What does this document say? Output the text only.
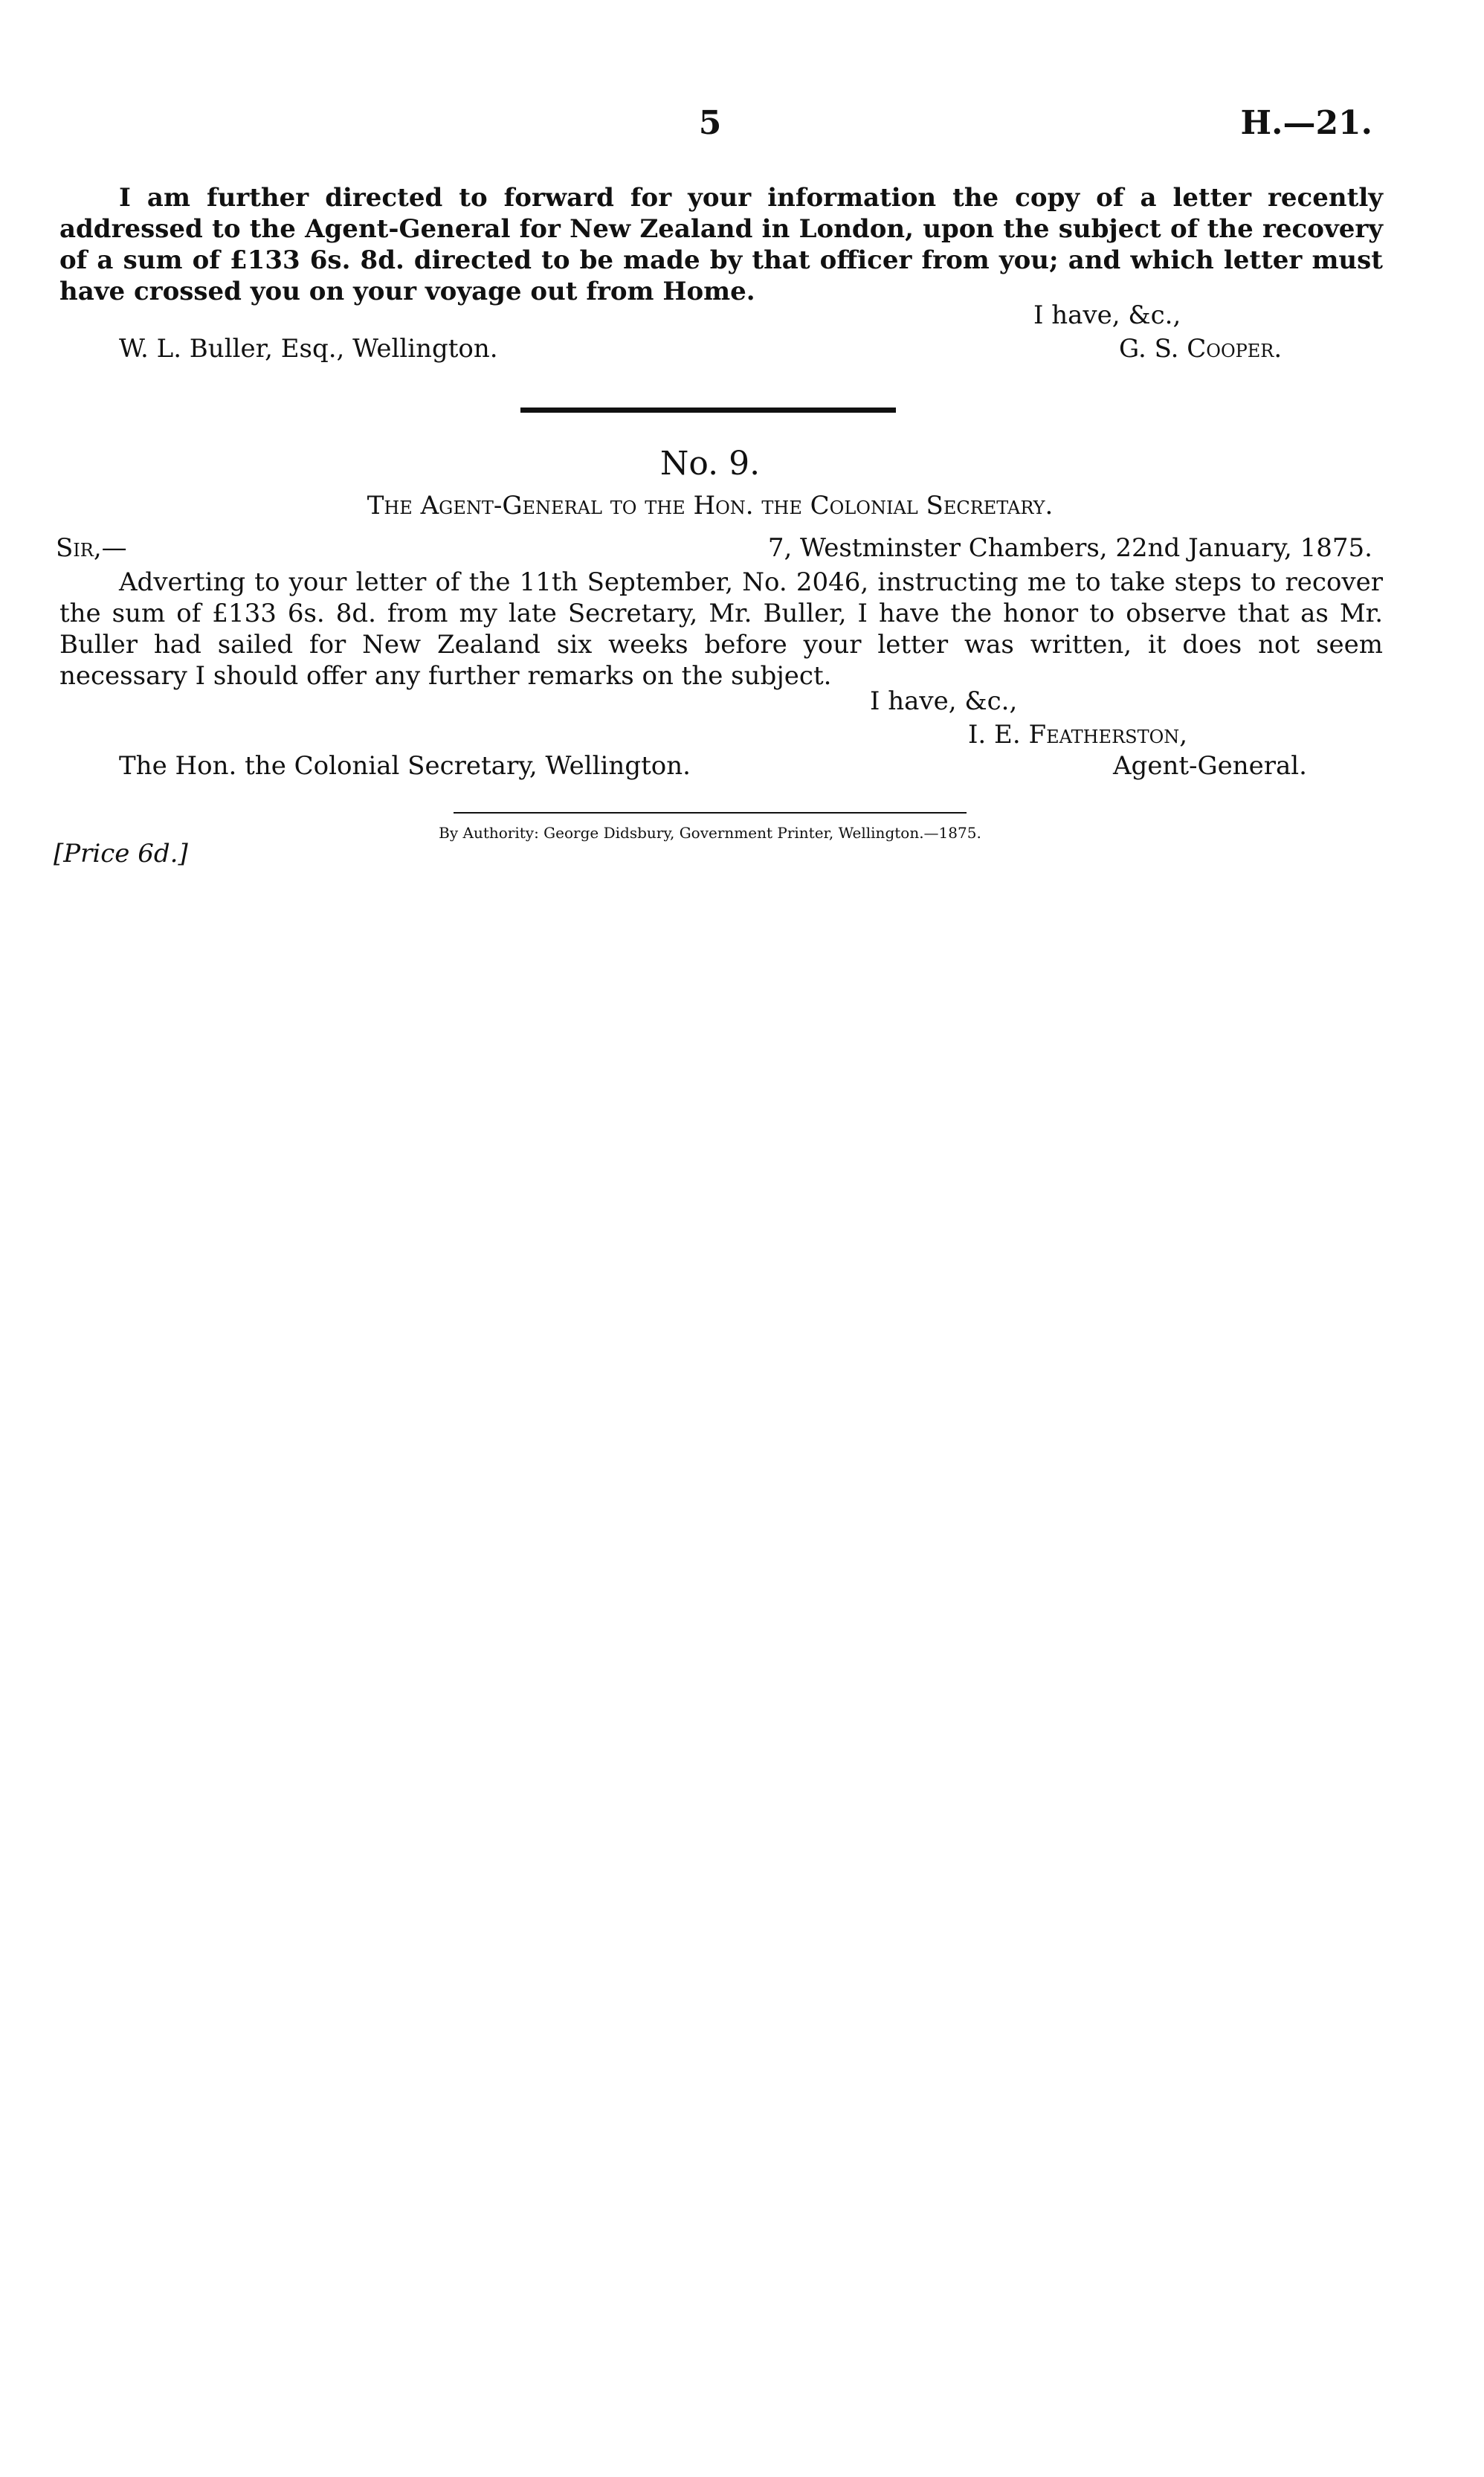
5	H.—21.
I am further directed to forward for your information the copy of a letter recently addressed to the Agent-General for New Zealand in London, upon the subject of the recovery of a sum of £133 6s. 8d. directed to be made by that officer from you; and which letter must have crossed you on your voyage out from Home.
I have, &c.,
G. S. Cooper.
W. L. Buller, Esq., Wellington.
No. 9.
The Agent-General to the Hon. the Colonial Secretary.
Sir,—	7, Westminster Chambers, 22nd January, 1875.
Adverting to your letter of the 11th September, No. 2046, instructing me to take steps to recover the sum of £133 6s. 8d. from my late Secretary, Mr. Buller, I have the honor to observe that as Mr. Buller had sailed for New Zealand six weeks before your letter was written, it does not seem necessary I should offer any further remarks on the subject.
I have, &c.,
I. E. Featherston,
Agent-General.
The Hon. the Colonial Secretary, Wellington.
By Authority: George Didsbury, Government Printer, Wellington.—1875.
[Price 6d.]
